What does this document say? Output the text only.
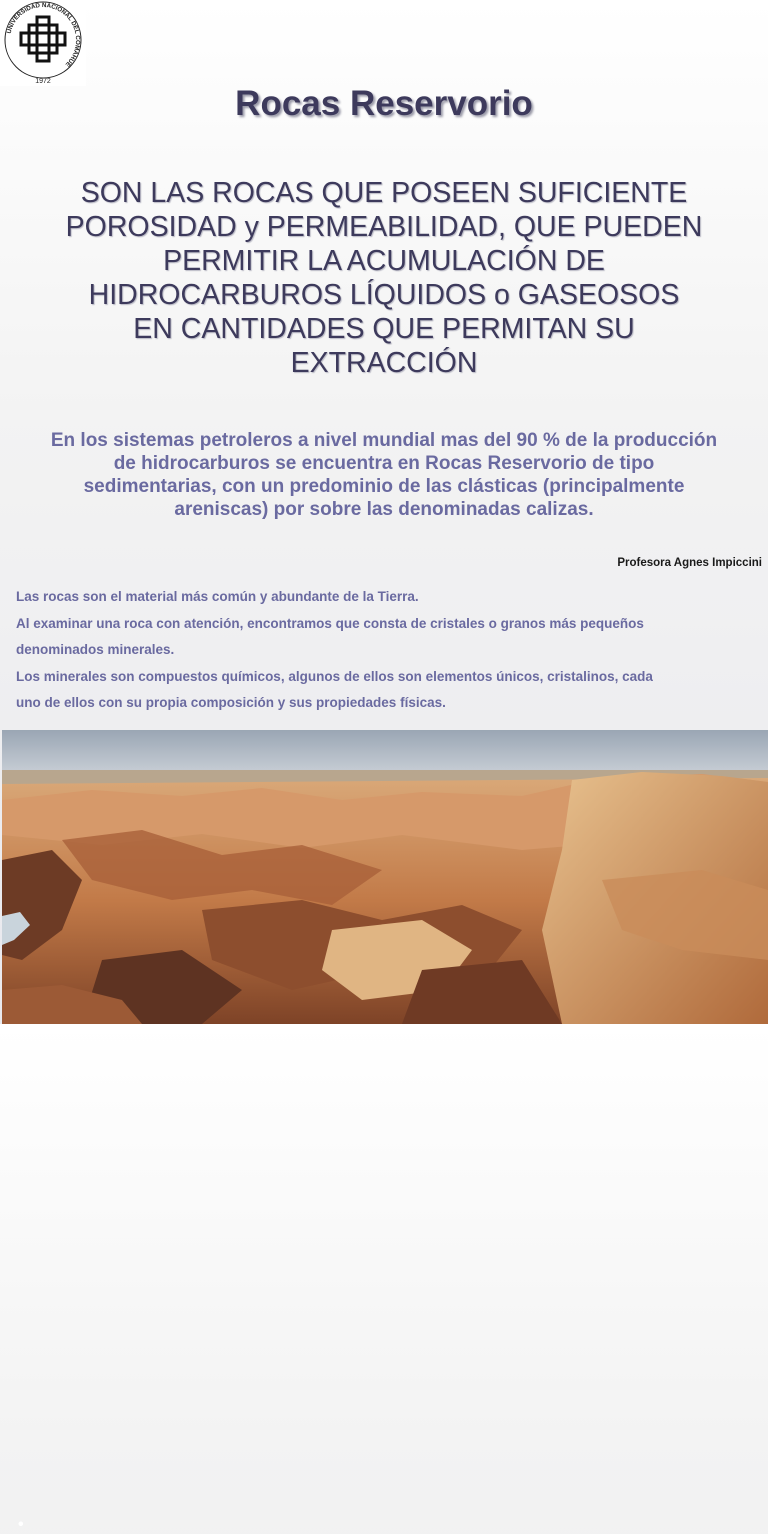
UNIVERSIDAD NACIONAL DEL COMAHUE
1972
Rocas Reservorio
SON LAS ROCAS QUE POSEEN SUFICIENTE
POROSIDAD y PERMEABILIDAD, QUE PUEDEN
PERMITIR LA ACUMULACIÓN DE
HIDROCARBUROS LÍQUIDOS o GASEOSOS
EN CANTIDADES QUE PERMITAN SU
EXTRACCIÓN
En los sistemas petroleros a nivel mundial mas del 90 % de la producción
de hidrocarburos se encuentra en Rocas Reservorio de tipo
sedimentarias, con un predominio de las clásticas (principalmente
areniscas) por sobre las denominadas calizas.
Profesora Agnes Impiccini

Las rocas son el material más común y abundante de la Tierra.

Al examinar una roca con atención, encontramos que consta de cristales o granos más pequeños

denominados minerales.

Los minerales son compuestos químicos, algunos de ellos son elementos únicos, cristalinos, cada

uno de ellos con su propia composición y sus propiedades físicas.

•
